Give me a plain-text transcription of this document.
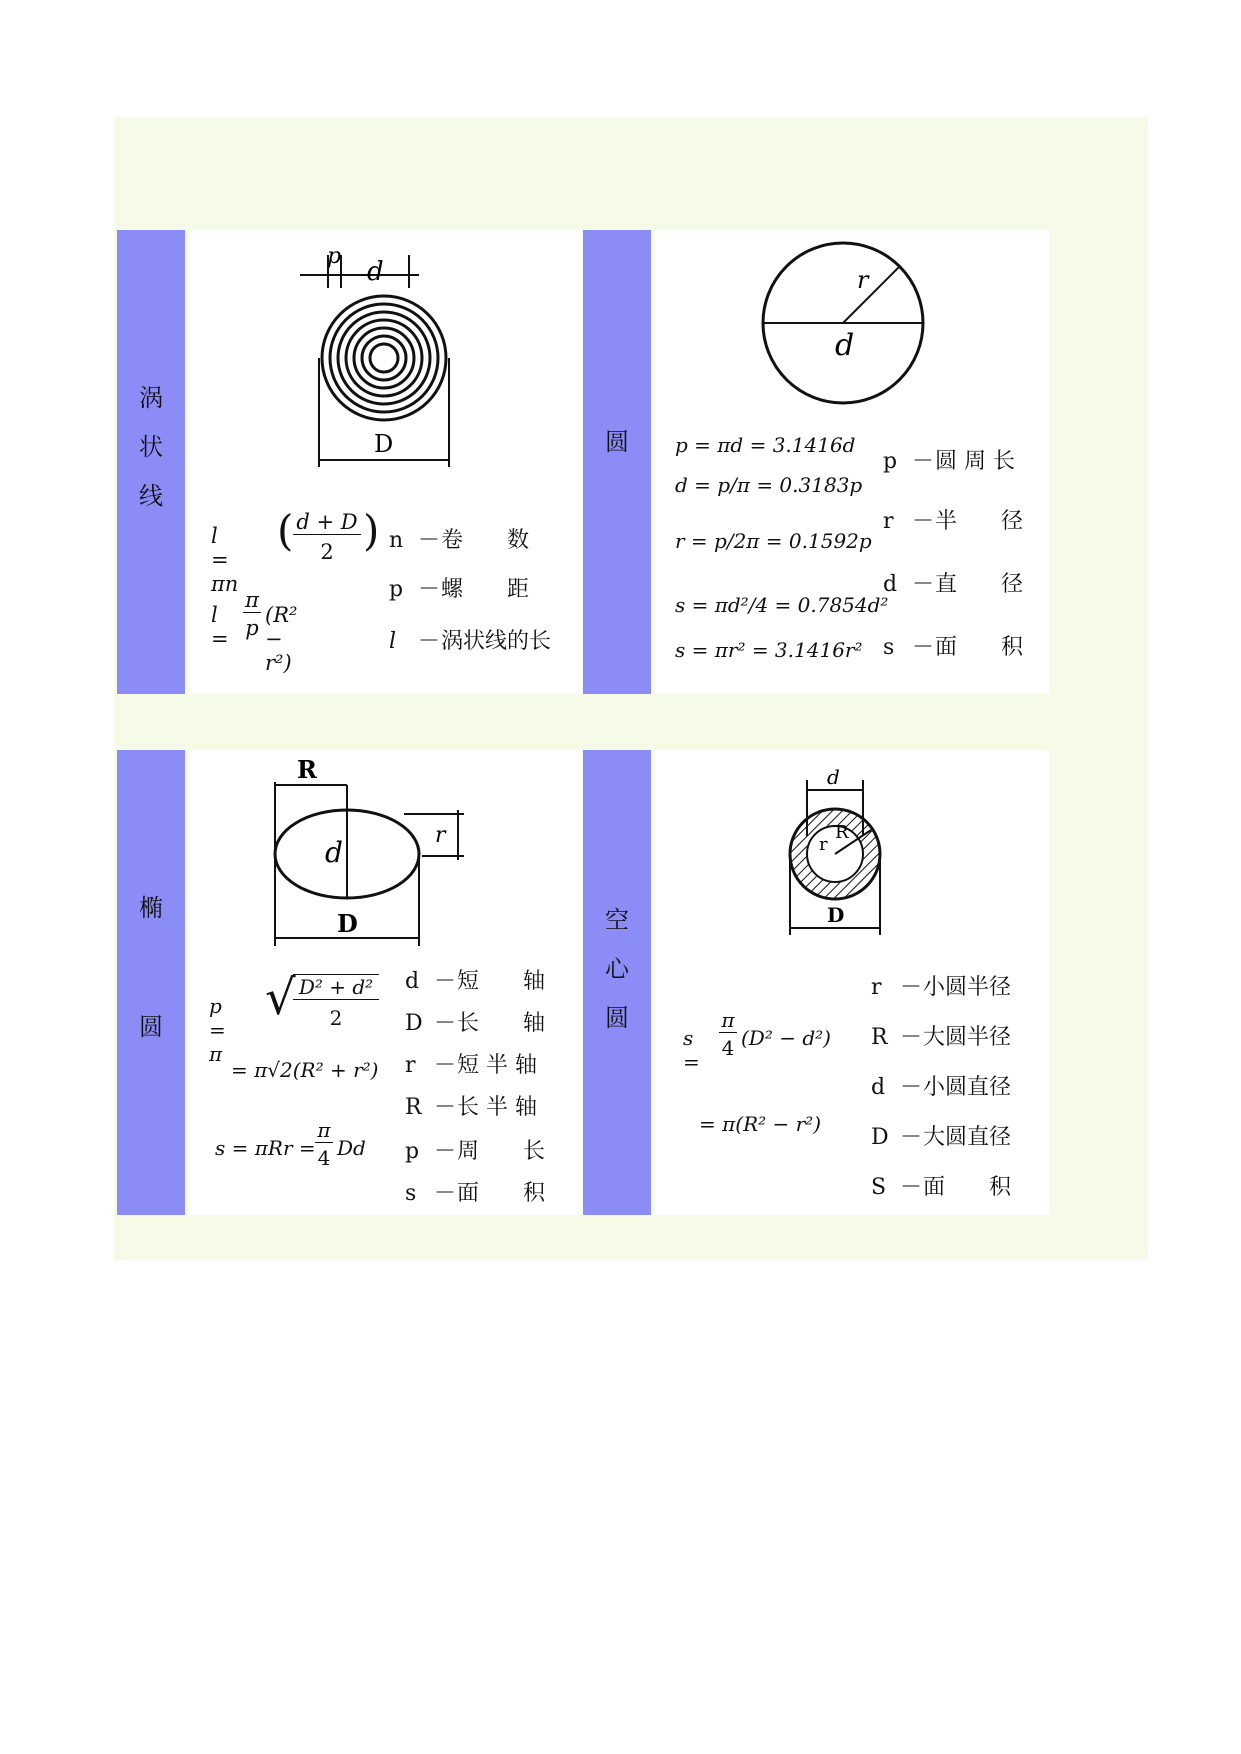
涡
状
线
p
d
D
l = πn
( d + D
2 )
l =
π
p
(R² − r²)
n －卷　　数
p －螺　　距
l －涡状线的长
圆
r
d
p = πd = 3.1416d
d = p/π = 0.3183p
r = p/2π = 0.1592p
s = πd²/4 = 0.7854d²
s = πr² = 3.1416r²
p －圆 周 长
r －半　　径
d －直　　径
s －面　　积
椭
圆
R
r
d
D
p = π
√ D² + d²
2
= π√2(R² + r²)
s = πRr =
π
4 Dd
d －短　　轴
D －长　　轴
r －短 半 轴
R －长 半 轴
p －周　　长
s －面　　积
空
心
圆
d
r
R
D
s =
π
4 (D² − d²)
= π(R² − r²)
r －小圆半径
R －大圆半径
d －小圆直径
D －大圆直径
S －面　　积
